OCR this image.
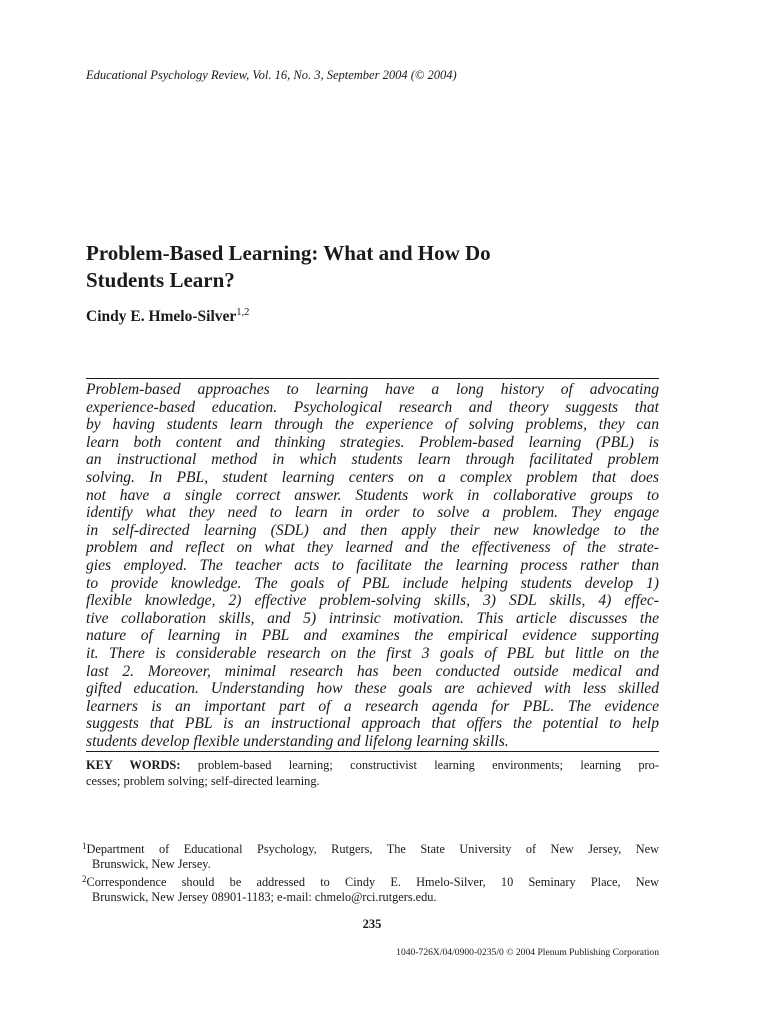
Educational Psychology Review, Vol. 16, No. 3, September 2004 (© 2004)
Problem-Based Learning: What and How Do
Students Learn?
Cindy E. Hmelo-Silver$^{1,2}$
Problem-based approaches to learning have a long history of advocating
experience-based education. Psychological research and theory suggests that
by having students learn through the experience of solving problems, they can
learn both content and thinking strategies. Problem-based learning (PBL) is
an instructional method in which students learn through facilitated problem
solving. In PBL, student learning centers on a complex problem that does
not have a single correct answer. Students work in collaborative groups to
identify what they need to learn in order to solve a problem. They engage
in self-directed learning (SDL) and then apply their new knowledge to the
problem and reflect on what they learned and the effectiveness of the strate-
gies employed. The teacher acts to facilitate the learning process rather than
to provide knowledge. The goals of PBL include helping students develop 1)
flexible knowledge, 2) effective problem-solving skills, 3) SDL skills, 4) effec-
tive collaboration skills, and 5) intrinsic motivation. This article discusses the
nature of learning in PBL and examines the empirical evidence supporting
it. There is considerable research on the first 3 goals of PBL but little on the
last 2. Moreover, minimal research has been conducted outside medical and
gifted education. Understanding how these goals are achieved with less skilled
learners is an important part of a research agenda for PBL. The evidence
suggests that PBL is an instructional approach that offers the potential to help
students develop flexible understanding and lifelong learning skills.
KEY WORDS: problem-based learning; constructivist learning environments; learning pro-
cesses; problem solving; self-directed learning.
$^1$Department of Educational Psychology, Rutgers, The State University of New Jersey, New
Brunswick, New Jersey.
$^2$Correspondence should be addressed to Cindy E. Hmelo-Silver, 10 Seminary Place, New
Brunswick, New Jersey 08901-1183; e-mail: chmelo@rci.rutgers.edu.
235
1040-726X/04/0900-0235/0 © 2004 Plenum Publishing Corporation
